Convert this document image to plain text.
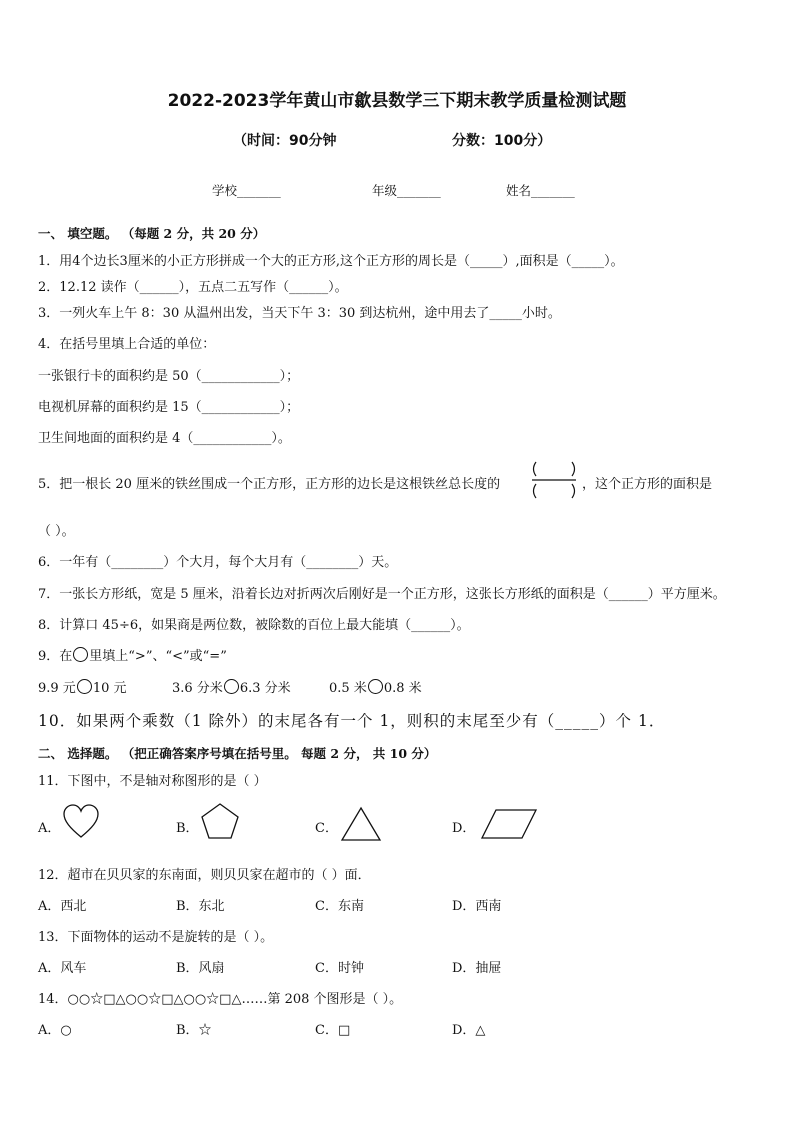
2022-2023学年黄山市歙县数学三下期末教学质量检测试题
（时间：90分钟	分数：100分）
学校_______	年级_______	姓名_______
一、 填空题。 （每题 2 分，共 20 分）
1．用4个边长3厘米的小正方形拼成一个大的正方形,这个正方形的周长是（_____）,面积是（_____）。
2．12.12 读作（______），五点二五写作（______）。
3．一列火车上午 8：30 从温州出发，当天下午 3：30 到达杭州，途中用去了_____小时。
4．在括号里填上合适的单位：
一张银行卡的面积约是 50（____________）；
电视机屏幕的面积约是 15（____________）；
卫生间地面的面积约是 4（____________）。
5．把一根长 20 厘米的铁丝围成一个正方形，正方形的边长是这根铁丝总长度的	，这个正方形的面积是
（ ）。
6．一年有（________）个大月，每个大月有（________）天。
7．一张长方形纸，宽是 5 厘米，沿着长边对折两次后刚好是一个正方形，这张长方形纸的面积是（______）平方厘米。
8．计算口 45÷6，如果商是两位数，被除数的百位上最大能填（______）。
9．在 里填上“>”、“<”或“=”
9.9 元 10 元	3.6 分米 6.3 分米	0.5 米 0.8 米
10．如果两个乘数（1 除外）的末尾各有一个 1，则积的末尾至少有（_____）个 1．
二、 选择题。 （把正确答案序号填在括号里。 每题 2 分， 共 10 分）
11．下图中，不是轴对称图形的是（ ）
A．	B．	C．	D．
12．超市在贝贝家的东南面，则贝贝家在超市的（ ）面．
A．西北	B．东北	C．东南	D．西南
13．下面物体的运动不是旋转的是（ ）。
A．风车	B．风扇	C．时钟	D．抽屉
14．○○☆□△○○☆□△○○☆□△……第 208 个图形是（ ）。
A．○	B．☆	C．□	D．△
